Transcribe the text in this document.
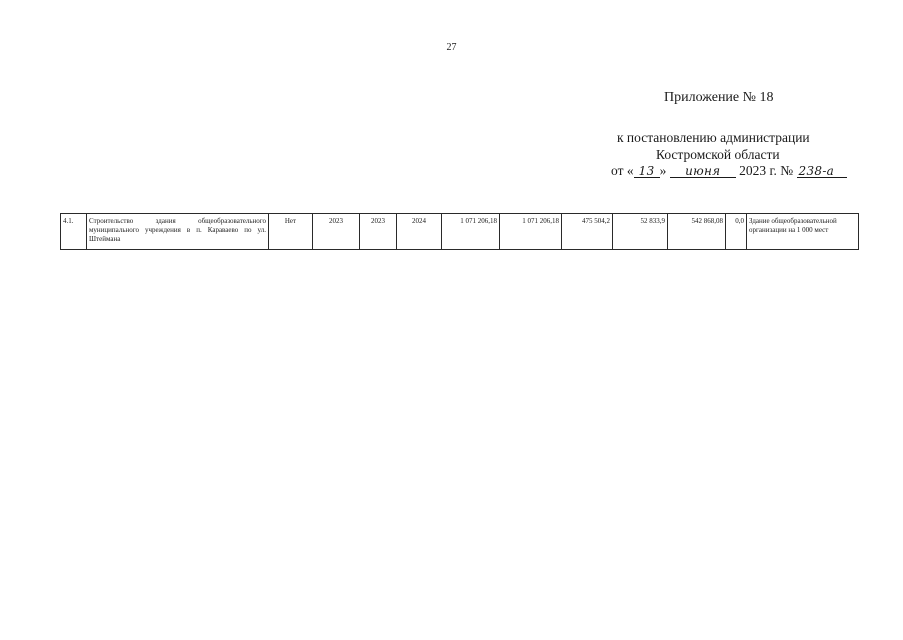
27
Приложение № 18
к постановлению администрации
Костромской области
от « 13 » июня 2023 г. № 238-а
4.1.	Строительство здания общеобразовательного муниципального учреждения в п. Караваево по ул. Штеймана	Нет	2023	2023	2024	1 071 206,18	1 071 206,18	475 504,2	52 833,9	542 868,08	0,0	Здание общеобразовательной организации на 1 000 мест
